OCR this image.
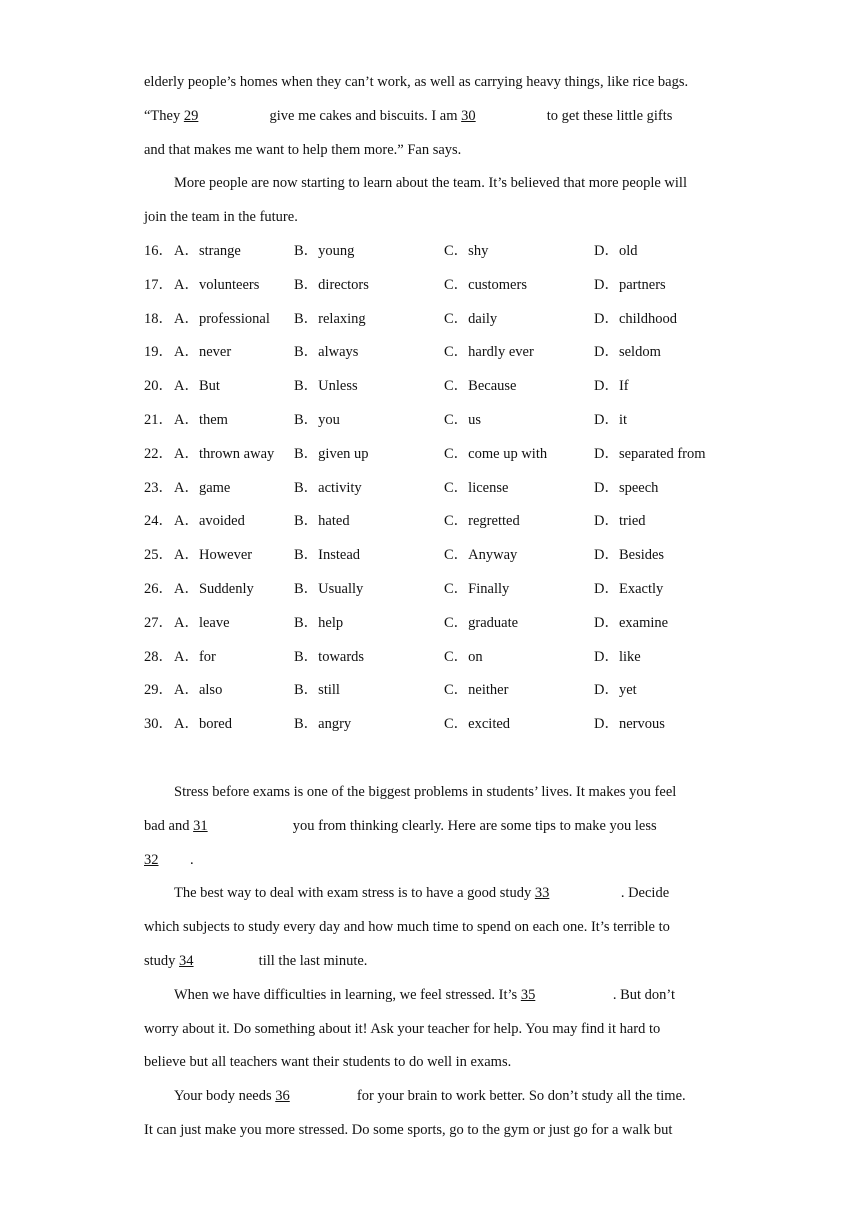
elderly people’s homes when they can’t work, as well as carrying heavy things, like rice bags.

“They 29	give me cakes and biscuits. I am 30	to get these little gifts

and that makes me want to help them more.” Fan says.

More people are now starting to learn about the team. It’s believed that more people will

join the team in the future.

16． A．strange	B．young	C．shy	D．old
17． A．volunteers	B．directors	C．customers	D．partners
18． A．professional	B．relaxing	C．daily	D．childhood
19． A．never	B．always	C．hardly ever	D．seldom
20． A．But	B．Unless	C．Because	D．If
21． A．them	B．you	C．us	D．it
22． A．thrown away	B．given up	C．come up with	D．separated from
23． A．game	B．activity	C．license	D．speech
24． A．avoided	B．hated	C．regretted	D．tried
25． A．However	B．Instead	C．Anyway	D．Besides
26． A．Suddenly	B．Usually	C．Finally	D．Exactly
27． A．leave	B．help	C．graduate	D．examine
28． A．for	B．towards	C．on	D．like
29． A．also	B．still	C．neither	D．yet
30． A．bored	B．angry	C．excited	D．nervous

Stress before exams is one of the biggest problems in students’ lives. It makes you feel

bad and 31	you from thinking clearly. Here are some tips to make you less

32 .

The best way to deal with exam stress is to have a good study 33	. Decide

which subjects to study every day and how much time to spend on each one. It’s terrible to

study 34	till the last minute.

When we have difficulties in learning, we feel stressed. It’s 35	. But don’t

worry about it. Do something about it! Ask your teacher for help. You may find it hard to

believe but all teachers want their students to do well in exams.

Your body needs 36	for your brain to work better. So don’t study all the time.

It can just make you more stressed. Do some sports, go to the gym or just go for a walk but
